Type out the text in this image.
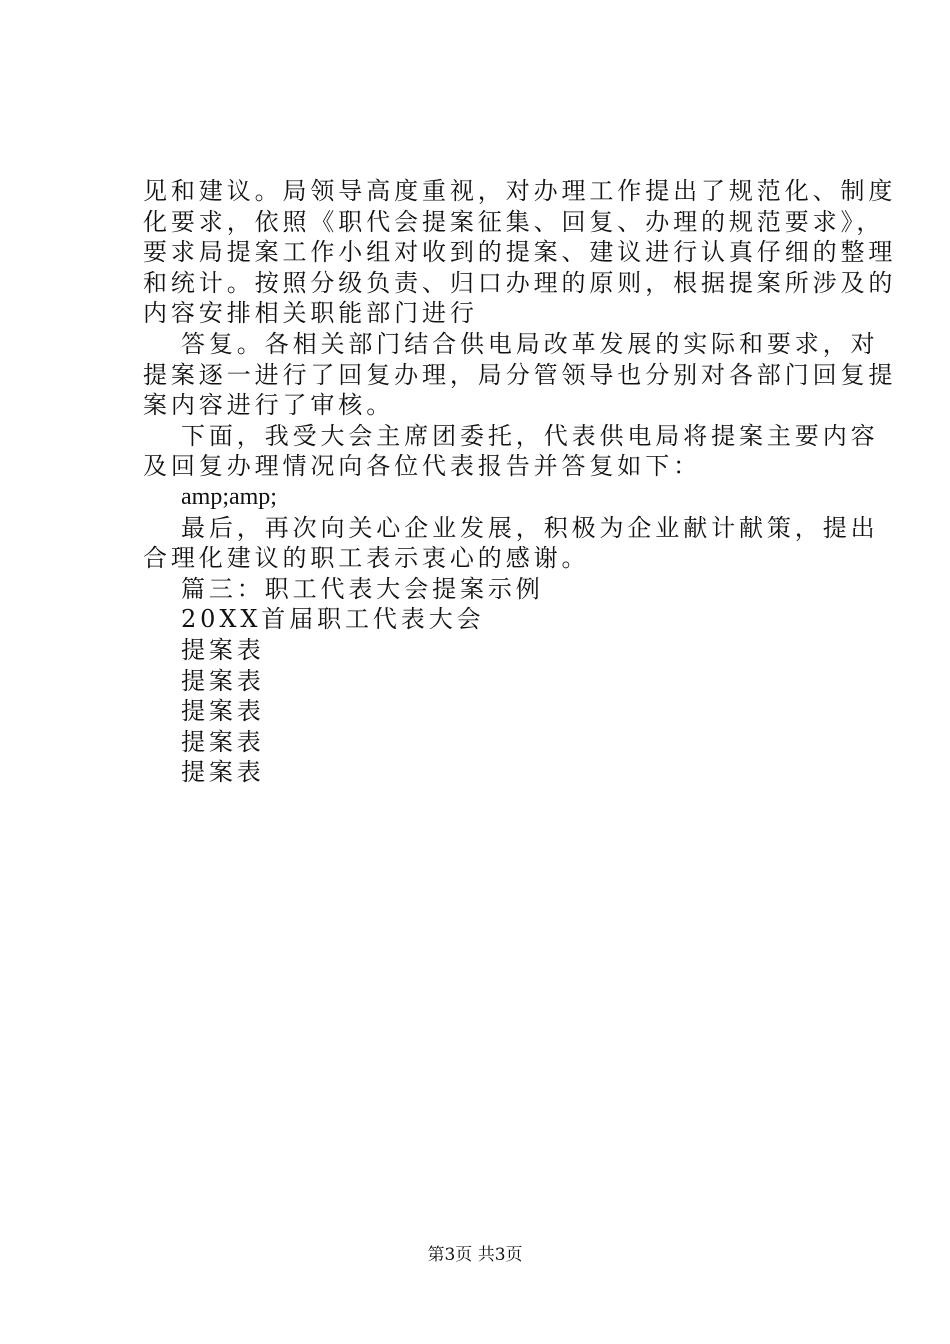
见和建议。局领导高度重视，对办理工作提出了规范化、制度
化要求，依照《职代会提案征集、回复、办理的规范要求》，
要求局提案工作小组对收到的提案、建议进行认真仔细的整理
和统计。按照分级负责、归口办理的原则，根据提案所涉及的
内容安排相关职能部门进行
答复。各相关部门结合供电局改革发展的实际和要求，对
提案逐一进行了回复办理，局分管领导也分别对各部门回复提
案内容进行了审核。
下面，我受大会主席团委托，代表供电局将提案主要内容
及回复办理情况向各位代表报告并答复如下：
amp;amp;
最后，再次向关心企业发展，积极为企业献计献策，提出
合理化建议的职工表示衷心的感谢。
篇三：职工代表大会提案示例
20XX首届职工代表大会
提案表
提案表
提案表
提案表
提案表
第3页 共3页
